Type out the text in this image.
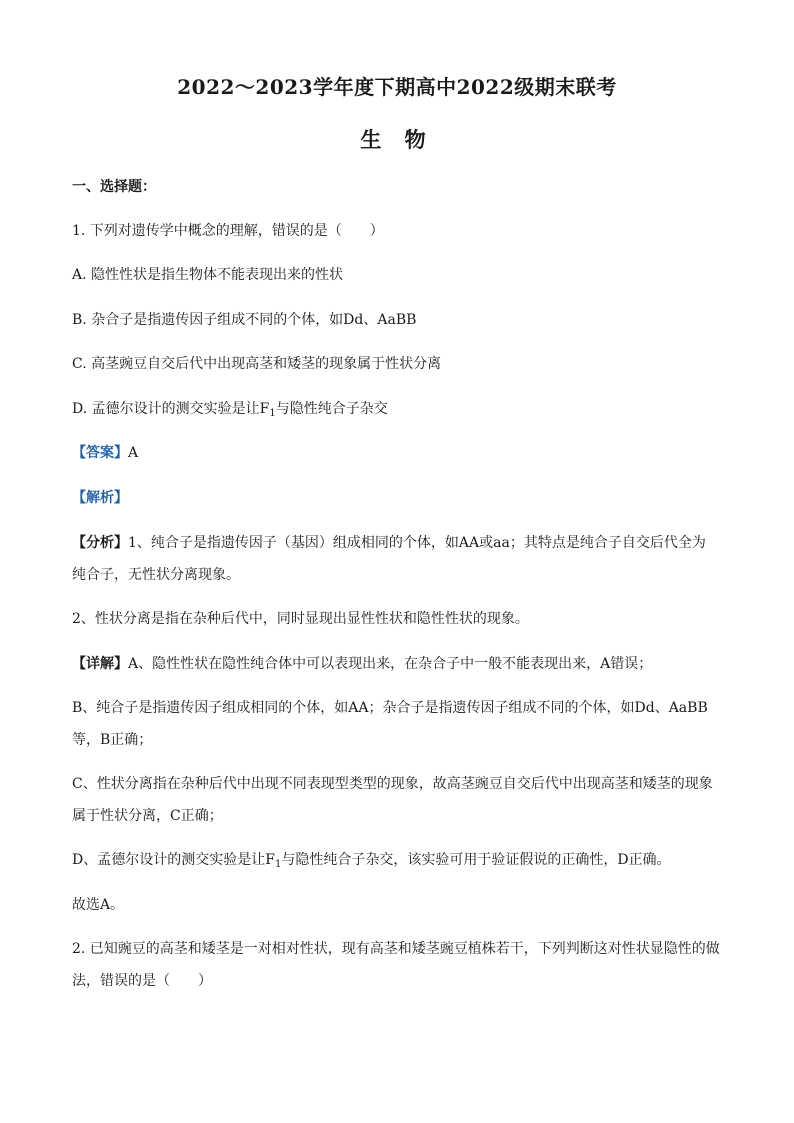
2022～2023学年度下期高中2022级期末联考
生 物
一、选择题：
1. 下列对遗传学中概念的理解，错误的是（　　）
A. 隐性性状是指生物体不能表现出来的性状
B. 杂合子是指遗传因子组成不同的个体，如Dd、AaBB
C. 高茎豌豆自交后代中出现高茎和矮茎的现象属于性状分离
D. 孟德尔设计的测交实验是让$F_1$与隐性纯合子杂交
【答案】A
【解析】
【分析】1、纯合子是指遗传因子（基因）组成相同的个体，如AA或aa；其特点是纯合子自交后代全为
纯合子，无性状分离现象。
2、性状分离是指在杂种后代中，同时显现出显性性状和隐性性状的现象。
【详解】A、隐性性状在隐性纯合体中可以表现出来，在杂合子中一般不能表现出来，A错误；
B、纯合子是指遗传因子组成相同的个体，如AA；杂合子是指遗传因子组成不同的个体，如Dd、AaBB
等，B正确；
C、性状分离指在杂种后代中出现不同表现型类型的现象，故高茎豌豆自交后代中出现高茎和矮茎的现象
属于性状分离，C正确；
D、孟德尔设计的测交实验是让$F_1$与隐性纯合子杂交，该实验可用于验证假说的正确性，D正确。
故选A。
2. 已知豌豆的高茎和矮茎是一对相对性状，现有高茎和矮茎豌豆植株若干，下列判断这对性状显隐性的做
法，错误的是（　　）
